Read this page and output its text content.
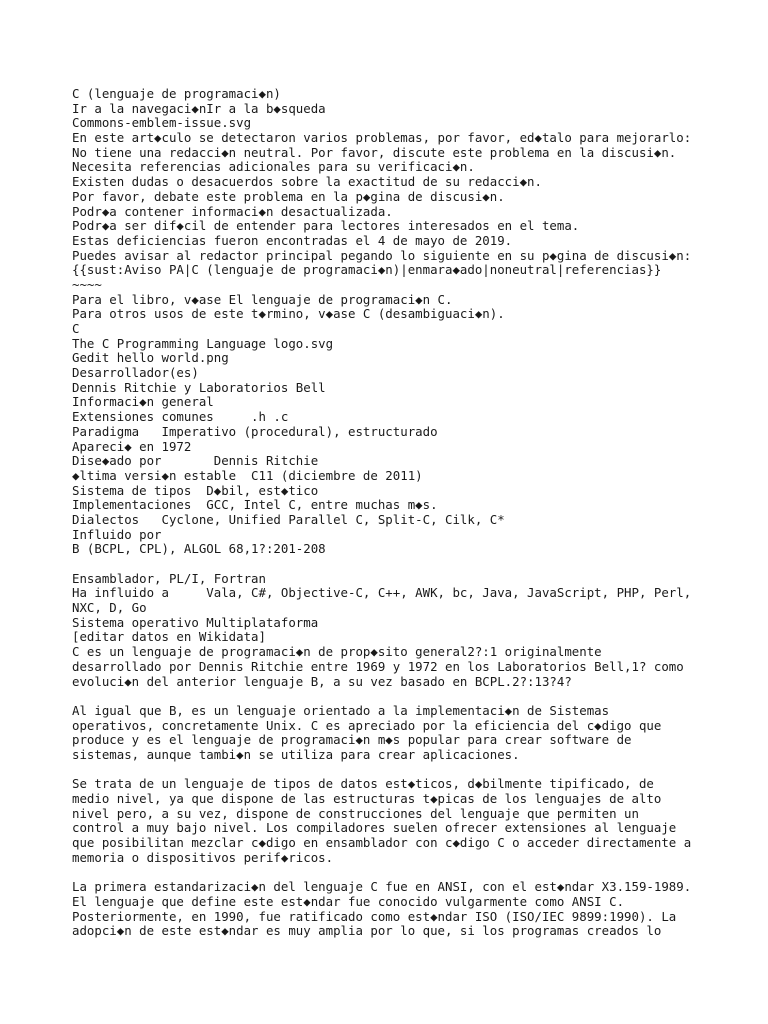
C (lenguaje de programaci◆n)
Ir a la navegaci◆nIr a la b◆squeda
Commons-emblem-issue.svg
En este art◆culo se detectaron varios problemas, por favor, ed◆talo para mejorarlo:
No tiene una redacci◆n neutral. Por favor, discute este problema en la discusi◆n.
Necesita referencias adicionales para su verificaci◆n.
Existen dudas o desacuerdos sobre la exactitud de su redacci◆n.
Por favor, debate este problema en la p◆gina de discusi◆n.
Podr◆a contener informaci◆n desactualizada.
Podr◆a ser dif◆cil de entender para lectores interesados en el tema.
Estas deficiencias fueron encontradas el 4 de mayo de 2019.
Puedes avisar al redactor principal pegando lo siguiente en su p◆gina de discusi◆n:
{{sust:Aviso PA|C (lenguaje de programaci◆n)|enmara◆ado|noneutral|referencias}}
~~~~
Para el libro, v◆ase El lenguaje de programaci◆n C.
Para otros usos de este t◆rmino, v◆ase C (desambiguaci◆n).
C
The C Programming Language logo.svg
Gedit hello world.png
Desarrollador(es)
Dennis Ritchie y Laboratorios Bell
Informaci◆n general
Extensiones comunes     .h .c
Paradigma   Imperativo (procedural), estructurado
Apareci◆ en 1972
Dise◆ado por       Dennis Ritchie
◆ltima versi◆n estable  C11 (diciembre de 2011)
Sistema de tipos  D◆bil, est◆tico
Implementaciones  GCC, Intel C, entre muchas m◆s.
Dialectos   Cyclone, Unified Parallel C, Split-C, Cilk, C*
Influido por
B (BCPL, CPL), ALGOL 68,1?:201-208
Ensamblador, PL/I, Fortran
Ha influido a     Vala, C#, Objective-C, C++, AWK, bc, Java, JavaScript, PHP, Perl,
NXC, D, Go
Sistema operativo Multiplataforma
[editar datos en Wikidata]
C es un lenguaje de programaci◆n de prop◆sito general2?:1 originalmente
desarrollado por Dennis Ritchie entre 1969 y 1972 en los Laboratorios Bell,1? como
evoluci◆n del anterior lenguaje B, a su vez basado en BCPL.2?:13?4?
Al igual que B, es un lenguaje orientado a la implementaci◆n de Sistemas
operativos, concretamente Unix. C es apreciado por la eficiencia del c◆digo que
produce y es el lenguaje de programaci◆n m◆s popular para crear software de
sistemas, aunque tambi◆n se utiliza para crear aplicaciones.
Se trata de un lenguaje de tipos de datos est◆ticos, d◆bilmente tipificado, de
medio nivel, ya que dispone de las estructuras t◆picas de los lenguajes de alto
nivel pero, a su vez, dispone de construcciones del lenguaje que permiten un
control a muy bajo nivel. Los compiladores suelen ofrecer extensiones al lenguaje
que posibilitan mezclar c◆digo en ensamblador con c◆digo C o acceder directamente a
memoria o dispositivos perif◆ricos.
La primera estandarizaci◆n del lenguaje C fue en ANSI, con el est◆ndar X3.159-1989.
El lenguaje que define este est◆ndar fue conocido vulgarmente como ANSI C.
Posteriormente, en 1990, fue ratificado como est◆ndar ISO (ISO/IEC 9899:1990). La
adopci◆n de este est◆ndar es muy amplia por lo que, si los programas creados lo
